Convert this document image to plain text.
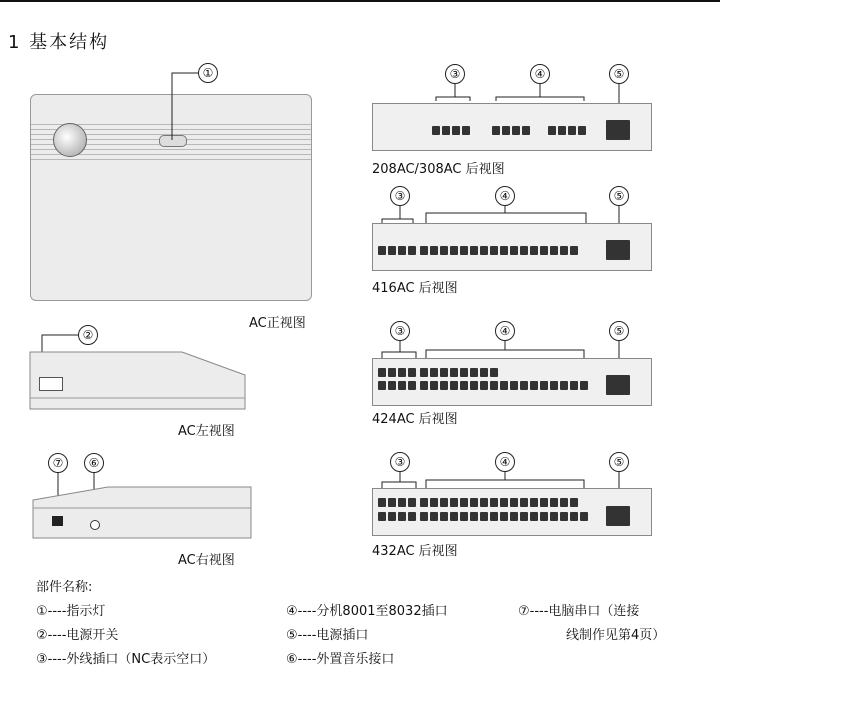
1 基本结构
①
AC正视图
②
AC左视图
⑦	⑥
AC右视图
③	④	⑤
208AC/308AC 后视图
③	④	⑤
416AC 后视图
③	④	⑤
424AC 后视图
③	④	⑤
432AC 后视图
部件名称:
①----指示灯
②----电源开关
③----外线插口（NC表示空口）
④----分机8001至8032插口
⑤----电源插口
⑥----外置音乐接口
⑦----电脑串口（连接
线制作见第4页）
